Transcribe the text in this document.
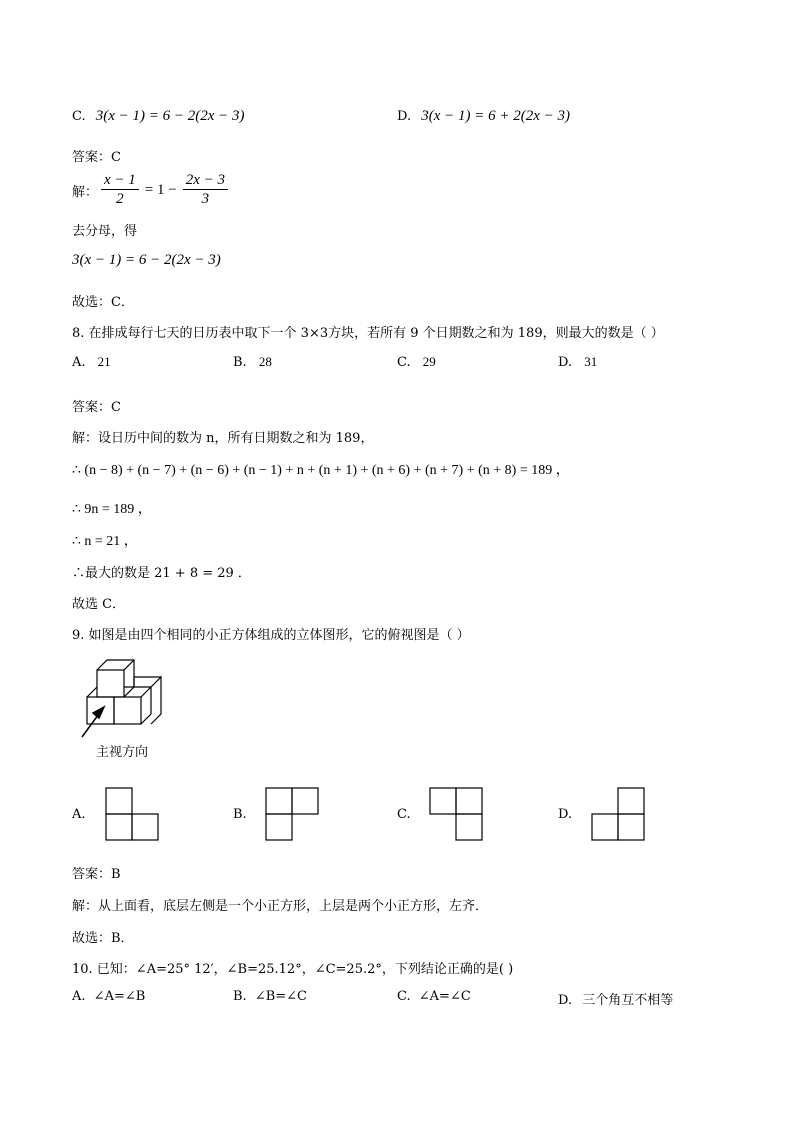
C. 3(x − 1) = 6 − 2(2x − 3)	D. 3(x − 1) = 6 + 2(2x − 3)
答案：C
解： $\frac{x - 1}{2} = 1 - \frac{2x - 3}{3}$
去分母，得
3(x − 1) = 6 − 2(2x − 3)
故选：C．
8. 在排成每行七天的日历表中取下一个 3×3方块，若所有 9 个日期数之和为 189，则最大的数是（ ）
A. 21	B. 28	C. 29	D. 31
答案：C
解：设日历中间的数为 n，所有日期数之和为 189，
∴ (n − 8) + (n − 7) + (n − 6) + (n − 1) + n + (n + 1) + (n + 6) + (n + 7) + (n + 8) = 189 ，
∴ 9n = 189 ，
∴ n = 21 ，
∴最大的数是 21 + 8 = 29 ．
故选 C．
9. 如图是由四个相同的小正方体组成的立体图形，它的俯视图是（ ）
主视方向
A.	B.	C.	D.
答案：B
解：从上面看，底层左侧是一个小正方形，上层是两个小正方形，左齐．
故选：B．
10. 已知：∠A=25° 12′，∠B=25.12°，∠C=25.2°，下列结论正确的是( )
A. ∠A=∠B	B. ∠B=∠C	C. ∠A=∠C	D. 三个角互不相等
